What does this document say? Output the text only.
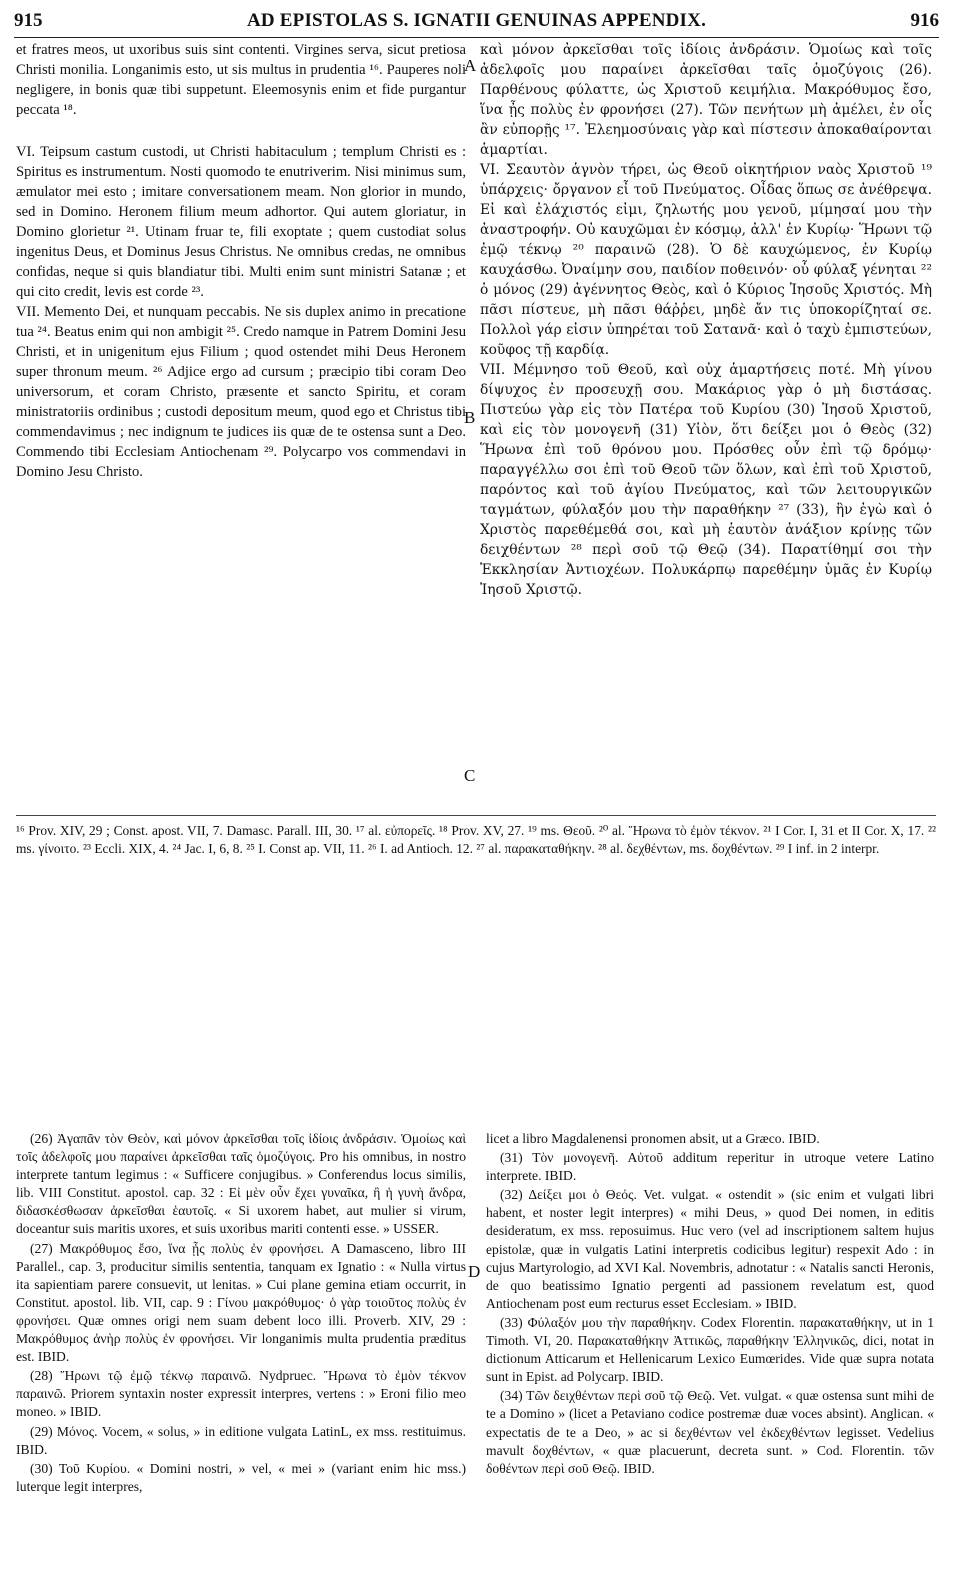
915	AD EPISTOLAS S. IGNATII GENUINAS APPENDIX.	916

et fratres meos, ut uxoribus suis sint contenti. Virgines serva, sicut pretiosa Christi monilia. Longanimis esto, ut sis multus in prudentia ¹⁶. Pauperes noli negligere, in bonis quæ tibi suppetunt. Eleemosynis enim et fide purgantur peccata ¹⁸.

VI. Teipsum castum custodi, ut Christi habitaculum ; templum Christi es : Spiritus es instrumentum. Nosti quomodo te enutriverim. Nisi minimus sum, æmulator mei esto ; imitare conversationem meam. Non glorior in mundo, sed in Domino. Heronem filium meum adhortor. Qui autem gloriatur, in Domino glorietur ²¹. Utinam fruar te, fili exoptate ; quem custodiat solus ingenitus Deus, et Dominus Jesus Christus. Ne omnibus credas, ne omnibus confidas, neque si quis blandiatur tibi. Multi enim sunt ministri Satanæ ; et qui cito credit, levis est corde ²³.

VII. Memento Dei, et nunquam peccabis. Ne sis duplex animo in precatione tua ²⁴. Beatus enim qui non ambigit ²⁵. Credo namque in Patrem Domini Jesu Christi, et in unigenitum ejus Filium ; quod ostendet mihi Deus Heronem super thronum meum. ²⁶ Adjice ergo ad cursum ; præcipio tibi coram Deo universorum, et coram Christo, præsente et sancto Spiritu, et coram ministratoriis ordinibus ; custodi depositum meum, quod ego et Christus tibi commendavimus ; nec indignum te judices iis quæ de te ostensa sunt a Deo. Commendo tibi Ecclesiam Antiochenam ²⁹. Polycarpo vos commendavi in Domino Jesu Christo.

A
B
C

καὶ μόνον ἀρκεῖσθαι τοῖς ἰδίοις ἀνδράσιν. Ὁμοίως καὶ τοῖς ἀδελφοῖς μου παραίνει ἀρκεῖσθαι ταῖς ὁμοζύγοις (26). Παρθένους φύλαττε, ὡς Χριστοῦ κειμήλια. Μακρόθυμος ἔσο, ἵνα ᾖς πολὺς ἐν φρονήσει (27). Τῶν πενήτων μὴ ἀμέλει, ἐν οἷς ἂν εὐπορῇς ¹⁷. Ἐλεημοσύναις γὰρ καὶ πίστεσιν ἀποκαθαίρονται ἁμαρτίαι.

VI. Σεαυτὸν ἁγνὸν τήρει, ὡς Θεοῦ οἰκητήριον ναὸς Χριστοῦ ¹⁹ ὑπάρχεις· ὄργανον εἶ τοῦ Πνεύματος. Οἶδας ὅπως σε ἀνέθρεψα. Εἰ καὶ ἐλάχιστός εἰμι, ζηλωτής μου γενοῦ, μίμησαί μου τὴν ἀναστροφήν. Οὐ καυχῶμαι ἐν κόσμῳ, ἀλλ' ἐν Κυρίῳ· Ἥρωνι τῷ ἐμῷ τέκνῳ ²⁰ παραινῶ (28). Ὁ δὲ καυχώμενος, ἐν Κυρίῳ καυχάσθω. Ὀναίμην σου, παιδίον ποθεινόν· οὗ φύλαξ γένηται ²² ὁ μόνος (29) ἀγέννητος Θεὸς, καὶ ὁ Κύριος Ἰησοῦς Χριστός. Μὴ πᾶσι πίστευε, μὴ πᾶσι θάῤῥει, μηδὲ ἄν τις ὑποκορίζηταί σε. Πολλοὶ γάρ εἰσιν ὑπηρέται τοῦ Σατανᾶ· καὶ ὁ ταχὺ ἐμπιστεύων, κοῦφος τῇ καρδίᾳ.

VII. Μέμνησο τοῦ Θεοῦ, καὶ οὐχ ἁμαρτήσεις ποτέ. Μὴ γίνου δίψυχος ἐν προσευχῇ σου. Μακάριος γὰρ ὁ μὴ διστάσας. Πιστεύω γὰρ εἰς τὸν Πατέρα τοῦ Κυρίου (30) Ἰησοῦ Χριστοῦ, καὶ εἰς τὸν μονογενῆ (31) Υἱὸν, ὅτι δείξει μοι ὁ Θεὸς (32) Ἥρωνα ἐπὶ τοῦ θρόνου μου. Πρόσθες οὖν ἐπὶ τῷ δρόμῳ· παραγγέλλω σοι ἐπὶ τοῦ Θεοῦ τῶν ὅλων, καὶ ἐπὶ τοῦ Χριστοῦ, παρόντος καὶ τοῦ ἁγίου Πνεύματος, καὶ τῶν λειτουργικῶν ταγμάτων, φύλαξόν μου τὴν παραθήκην ²⁷ (33), ἣν ἐγὼ καὶ ὁ Χριστὸς παρεθέμεθά σοι, καὶ μὴ ἑαυτὸν ἀνάξιον κρίνῃς τῶν δειχθέντων ²⁸ περὶ σοῦ τῷ Θεῷ (34). Παρατίθημί σοι τὴν Ἐκκλησίαν Ἀντιοχέων. Πολυκάρπῳ παρεθέμην ὑμᾶς ἐν Κυρίῳ Ἰησοῦ Χριστῷ.

¹⁶ Prov. XIV, 29 ; Const. apost. VII, 7. Damasc. Parall. III, 30. ¹⁷ al. εὐπορεῖς. ¹⁸ Prov. XV, 27. ¹⁹ ms. Θεοῦ. ²⁰ al. Ἥρωνα τὸ ἐμὸν τέκνον. ²¹ I Cor. I, 31 et II Cor. X, 17. ²² ms. γίνοιτο. ²³ Eccli. XIX, 4. ²⁴ Jac. I, 6, 8. ²⁵ I. Const ap. VII, 11. ²⁶ I. ad Antioch. 12. ²⁷ al. παρακαταθήκην. ²⁸ al. δεχθέντων, ms. δοχθέντων. ²⁹ I inf. in 2 interpr.

(26) Ἀγαπᾶν τὸν Θεὸν, καὶ μόνον ἀρκεῖσθαι τοῖς ἰδίοις ἀνδράσιν. Ὁμοίως καὶ τοῖς ἀδελφοῖς μου παραίνει ἀρκεῖσθαι ταῖς ὁμοζύγοις. Pro his omnibus, in nostro interprete tantum legimus : « Sufficere conjugibus. » Conferendus locus similis, lib. VIII Constitut. apostol. cap. 32 : Εἰ μὲν οὖν ἔχει γυναῖκα, ἢ ἡ γυνὴ ἄνδρα, διδασκέσθωσαν ἀρκεῖσθαι ἑαυτοῖς. « Si uxorem habet, aut mulier si virum, doceantur suis maritis uxores, et suis uxoribus mariti contenti esse. » USSER.

(27) Μακρόθυμος ἔσο, ἵνα ᾖς πολὺς ἐν φρονήσει. A Damasceno, libro III Parallel., cap. 3, producitur similis sententia, tanquam ex Ignatio : « Nulla virtus ita sapientiam parere consuevit, ut lenitas. » Cui plane gemina etiam occurrit, in Constitut. apostol. lib. VII, cap. 9 : Γίνου μακρόθυμος· ὁ γὰρ τοιοῦτος πολὺς ἐν φρονήσει. Quæ omnes origi nem suam debent loco illi. Proverb. XIV, 29 : Μακρόθυμος ἀνὴρ πολὺς ἐν φρονήσει. Vir longanimis multa prudentia præditus est. IBID.

(28) Ἥρωνι τῷ ἐμῷ τέκνῳ παραινῶ. Nydpruec. Ἥρωνα τὸ ἐμὸν τέκνον παραινῶ. Priorem syntaxin noster expressit interpres, vertens : » Eroni filio meo moneo. » IBID.

(29) Μόνος. Vocem, « solus, » in editione vulgata LatinL, ex mss. restituimus. IBID.

(30) Τοῦ Κυρίου. « Domini nostri, » vel, « mei » (variant enim hic mss.) luterque legit interpres,

D

licet a libro Magdalenensi pronomen absit, ut a Græco. IBID.

(31) Τὸν μονογενῆ. Αὐτοῦ additum reperitur in utroque vetere Latino interprete. IBID.

(32) Δείξει μοι ὁ Θεός. Vet. vulgat. « ostendit » (sic enim et vulgati libri habent, et noster legit interpres) « mihi Deus, » quod Dei nomen, in editis desideratum, ex mss. reposuimus. Huc vero (vel ad inscriptionem saltem hujus epistolæ, quæ in vulgatis Latini interpretis codicibus legitur) respexit Ado : in cujus Martyrologio, ad XVI Kal. Novembris, adnotatur : « Natalis sancti Heronis, de quo beatissimo Ignatio pergenti ad passionem revelatum est, quod Antiochenam post eum recturus esset Ecclesiam. » IBID.

(33) Φύλαξόν μου τὴν παραθήκην. Codex Florentin. παρακαταθήκην, ut in 1 Timoth. VI, 20. Παρακαταθήκην Ἀττικῶς, παραθήκην Ἑλληνικῶς, dici, notat in dictionum Atticarum et Hellenicarum Lexico Eumœrides. Vide quæ supra notata sunt in Epist. ad Polycarp. IBID.

(34) Τῶν δειχθέντων περὶ σοῦ τῷ Θεῷ. Vet. vulgat. « quæ ostensa sunt mihi de te a Domino » (licet a Petaviano codice postremæ duæ voces absint). Anglican. « expectatis de te a Deo, » ac si δεχθέντων vel ἐκδεχθέντων legisset. Vedelius mavult δοχθέντων, « quæ placuerunt, decreta sunt. » Cod. Florentin. τῶν δοθέντων περὶ σοῦ Θεῷ. IBID.
